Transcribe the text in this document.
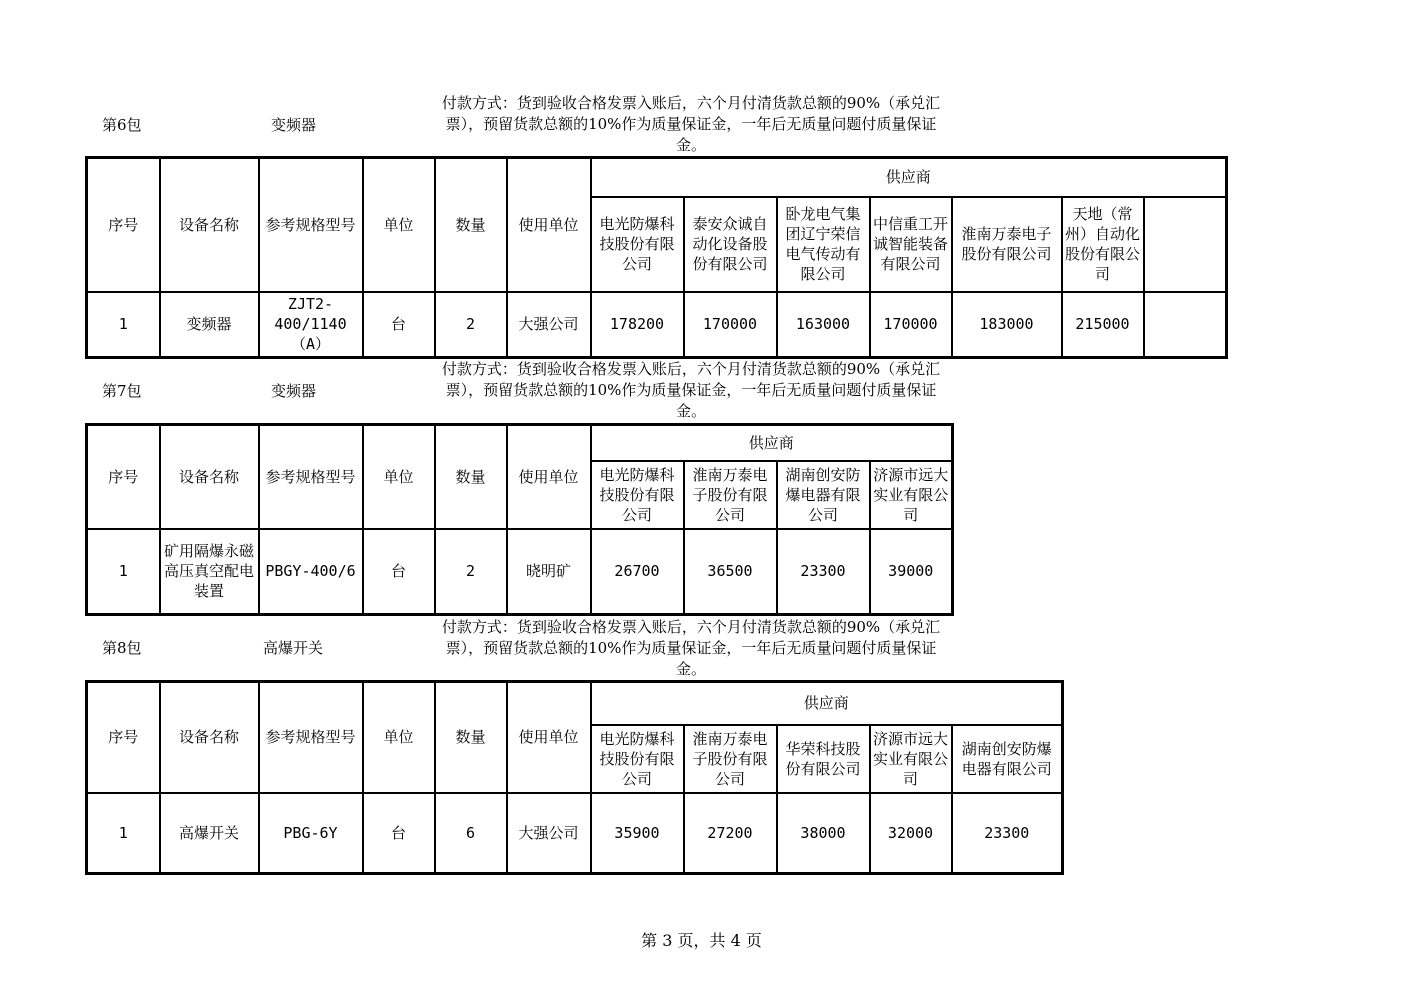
第6包	变频器
付款方式：货到验收合格发票入账后，六个月付清货款总额的90%（承兑汇票），预留货款总额的10%作为质量保证金，一年后无质量问题付质量保证金。
序号	设备名称	参考规格型号	单位	数量	使用单位	供应商						
						电光防爆科技股份有限公司	泰安众诚自动化设备股份有限公司	卧龙电气集团辽宁荣信电气传动有限公司	中信重工开诚智能装备有限公司	淮南万泰电子股份有限公司	天地（常州）自动化股份有限公司	
1	变频器	ZJT2-400/1140（A）	台	2	大强公司	178200	170000	163000	170000	183000	215000	
第7包	变频器
付款方式：货到验收合格发票入账后，六个月付清货款总额的90%（承兑汇票），预留货款总额的10%作为质量保证金，一年后无质量问题付质量保证金。
序号	设备名称	参考规格型号	单位	数量	使用单位	供应商			
						电光防爆科技股份有限公司	淮南万泰电子股份有限公司	湖南创安防爆电器有限公司	济源市远大实业有限公司
1	矿用隔爆永磁高压真空配电装置	PBGY-400/6	台	2	晓明矿	26700	36500	23300	39000
第8包	高爆开关
付款方式：货到验收合格发票入账后，六个月付清货款总额的90%（承兑汇票），预留货款总额的10%作为质量保证金，一年后无质量问题付质量保证金。
序号	设备名称	参考规格型号	单位	数量	使用单位	供应商				
						电光防爆科技股份有限公司	淮南万泰电子股份有限公司	华荣科技股份有限公司	济源市远大实业有限公司	湖南创安防爆电器有限公司
1	高爆开关	PBG-6Y	台	6	大强公司	35900	27200	38000	32000	23300
第 3 页，共 4 页
